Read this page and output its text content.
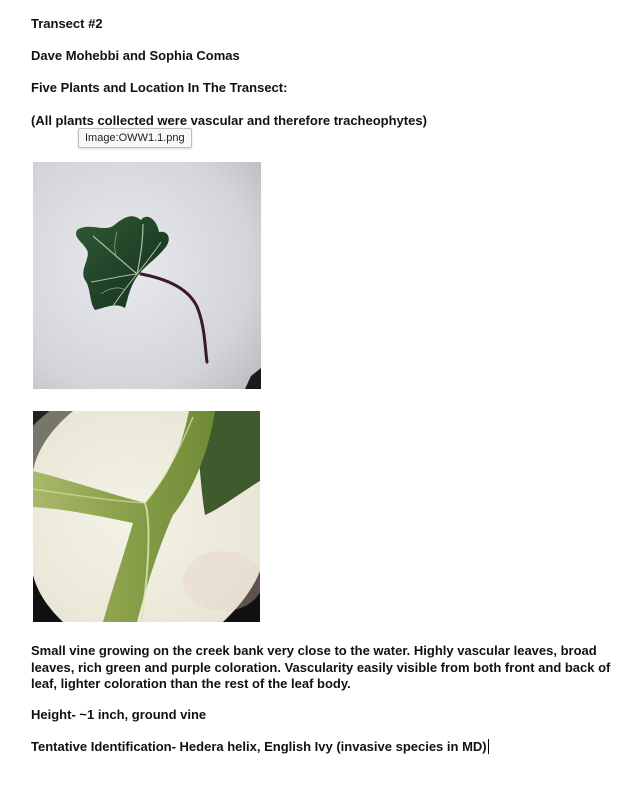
Transect #2
Dave Mohebbi and Sophia Comas
Five Plants and Location In The Transect:
(All plants collected were vascular and therefore tracheophytes)
Image:OWW1.1.png
Small vine growing on the creek bank very close to the water. Highly vascular leaves, broad leaves, rich green and purple coloration. Vascularity easily visible from both front and back of leaf, lighter coloration than the rest of the leaf body.
Height- ~1 inch, ground vine
Tentative Identification- Hedera helix, English Ivy (invasive species in MD)
